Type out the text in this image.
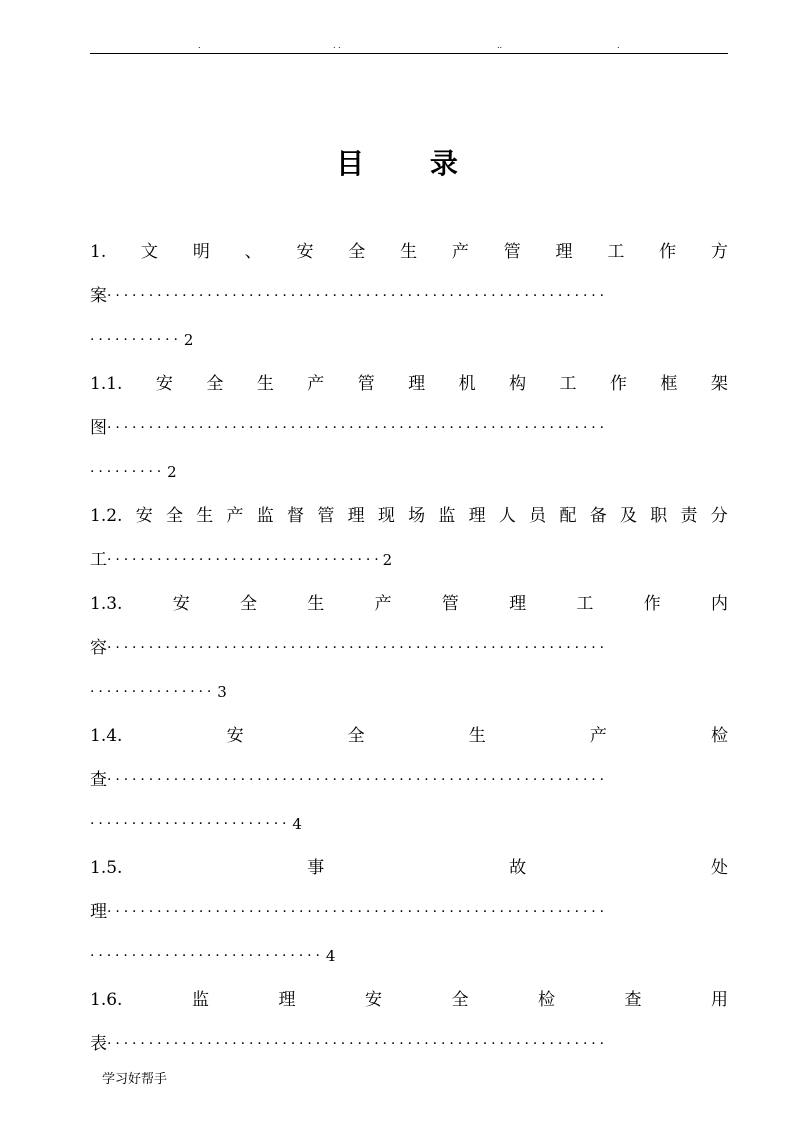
.	. .	..	.
目 录
1. 文 明 、 安 全 生 产 管 理 工 作 方
案 ····························································
··········· 2
1.1. 安 全 生 产 管 理 机 构 工 作 框 架
图 ····························································
········· 2
1.2. 安 全 生 产 监 督 管 理 现 场 监 理 人 员 配 备 及 职 责 分
工 ································· 2
1.3.	安	全	生	产	管	理	工	作	内
容 ····························································
··············· 3
1.4.	安	全	生	产	检
查 ····························································
························ 4
1.5.	事	故	处
理 ····························································
···························· 4
1.6.	监	理	安	全	检	查	用
表 ····························································
学习好帮手
